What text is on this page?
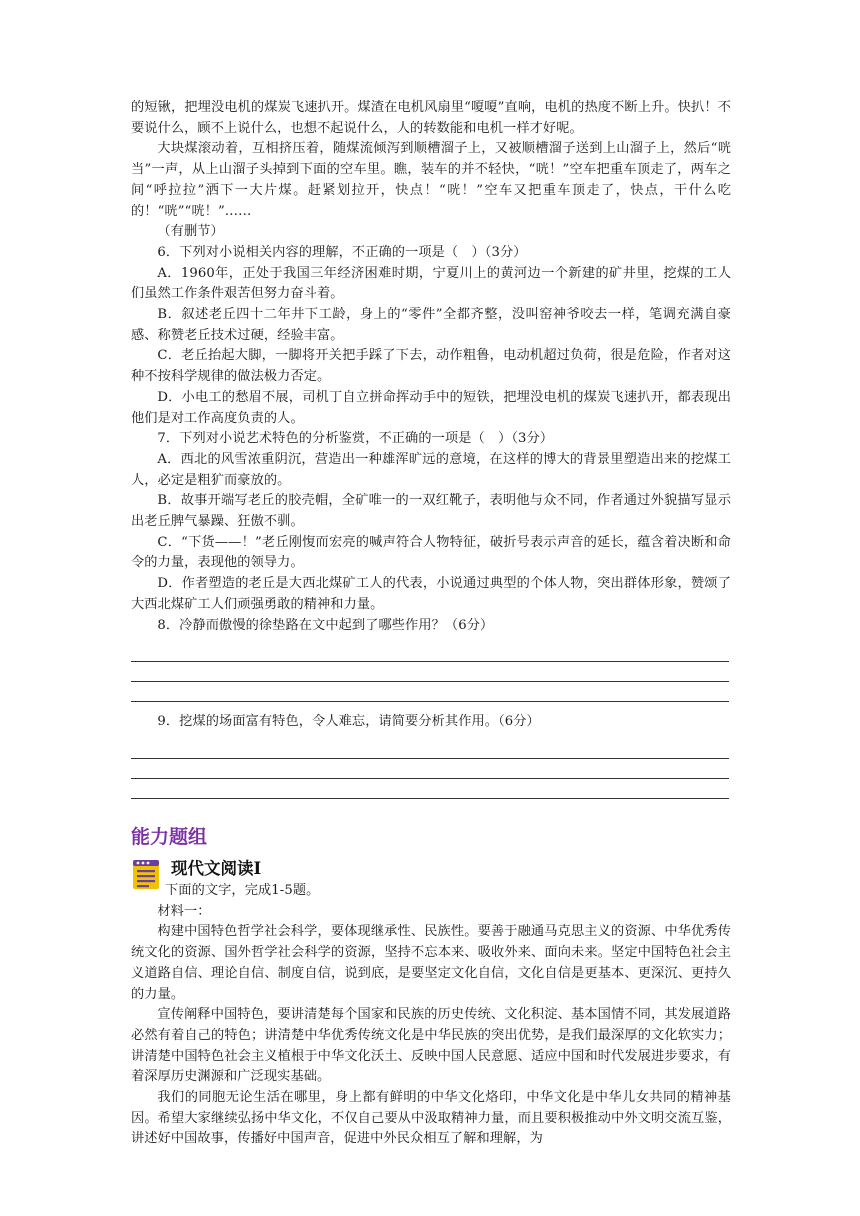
的短锹，把埋没电机的煤炭飞速扒开。煤渣在电机风扇里“嗄嗄”直响，电机的热度不断上升。快扒！不要说什么，顾不上说什么，也想不起说什么，人的转数能和电机一样才好呢。

大块煤滚动着，互相挤压着，随煤流倾泻到顺槽溜子上，又被顺槽溜子送到上山溜子上，然后“咣当”一声，从上山溜子头掉到下面的空车里。瞧，装车的并不轻快，“咣！”空车把重车顶走了，两车之间“呼拉拉”洒下一大片煤。赶紧划拉开，快点！“咣！”空车又把重车顶走了，快点，干什么吃的！“咣”“咣！”……

（有删节）

6．下列对小说相关内容的理解，不正确的一项是（　）（3分）

A．1960年，正处于我国三年经济困难时期，宁夏川上的黄河边一个新建的矿井里，挖煤的工人们虽然工作条件艰苦但努力奋斗着。

B．叙述老丘四十二年井下工龄，身上的“零件”全都齐整，没叫窑神爷咬去一样，笔调充满自豪感、称赞老丘技术过硬，经验丰富。

C．老丘抬起大脚，一脚将开关把手踩了下去，动作粗鲁，电动机超过负荷，很是危险，作者对这种不按科学规律的做法极力否定。

D．小电工的愁眉不展，司机丁自立拼命挥动手中的短铁，把埋没电机的煤炭飞速扒开，都表现出他们是对工作高度负责的人。

7．下列对小说艺术特色的分析鉴赏，不正确的一项是（　）（3分）

A．西北的风雪浓重阴沉，营造出一种雄浑旷远的意境，在这样的博大的背景里塑造出来的挖煤工人，必定是粗犷而豪放的。

B．故事开端写老丘的胶壳帽，全矿唯一的一双红靴子，表明他与众不同，作者通过外貌描写显示出老丘脾气暴躁、狂傲不驯。

C．“下货——！”老丘刚愎而宏亮的喊声符合人物特征，破折号表示声音的延长，蕴含着决断和命令的力量，表现他的领导力。

D．作者塑造的老丘是大西北煤矿工人的代表，小说通过典型的个体人物，突出群体形象，赞颂了大西北煤矿工人们顽强勇敢的精神和力量。

8．冷静而傲慢的徐垫路在文中起到了哪些作用？（6分）

9．挖煤的场面富有特色，令人难忘，请简要分析其作用。（6分）

能力题组
现代文阅读Ⅰ

下面的文字，完成1-5题。

材料一：

构建中国特色哲学社会科学，要体现继承性、民族性。要善于融通马克思主义的资源、中华优秀传统文化的资源、国外哲学社会科学的资源，坚持不忘本来、吸收外来、面向未来。坚定中国特色社会主义道路自信、理论自信、制度自信，说到底，是要坚定文化自信，文化自信是更基本、更深沉、更持久的力量。

宣传阐释中国特色，要讲清楚每个国家和民族的历史传统、文化积淀、基本国情不同，其发展道路必然有着自己的特色；讲清楚中华优秀传统文化是中华民族的突出优势，是我们最深厚的文化软实力；讲清楚中国特色社会主义植根于中华文化沃土、反映中国人民意愿、适应中国和时代发展进步要求，有着深厚历史渊源和广泛现实基础。

我们的同胞无论生活在哪里，身上都有鲜明的中华文化烙印，中华文化是中华儿女共同的精神基因。希望大家继续弘扬中华文化，不仅自己要从中汲取精神力量，而且要积极推动中外文明交流互鉴，讲述好中国故事，传播好中国声音，促进中外民众相互了解和理解，为
